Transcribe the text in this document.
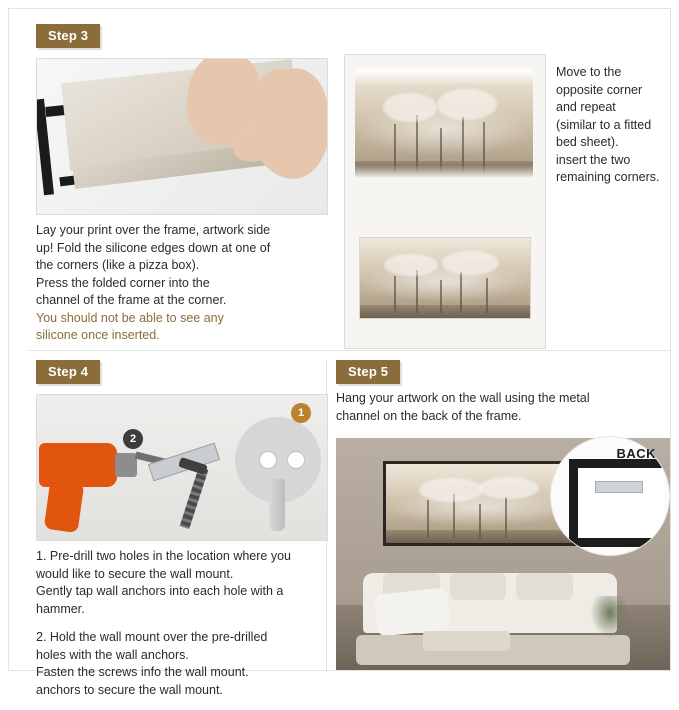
Step 3
Lay your print over the frame, artwork side
up! Fold the silicone edges down at one of
the corners (like a pizza box).
Press the folded corner into the
channel of the frame at the corner.
You should not be able to see any
silicone once inserted.
Move to the
opposite corner
and repeat
(similar to a fitted
bed sheet).
insert the two
remaining corners.
Step 4
1
2

1. Pre-drill two holes in the location where you
would like to secure the wall mount.
Gently tap wall anchors into each hole with a
hammer.

2. Hold the wall mount over the pre-drilled
holes with the wall anchors.
Fasten the screws info the wall mount.
anchors to secure the wall mount.

Step 5
Hang your artwork on the wall using the metal
channel on the back of the frame.
BACK
